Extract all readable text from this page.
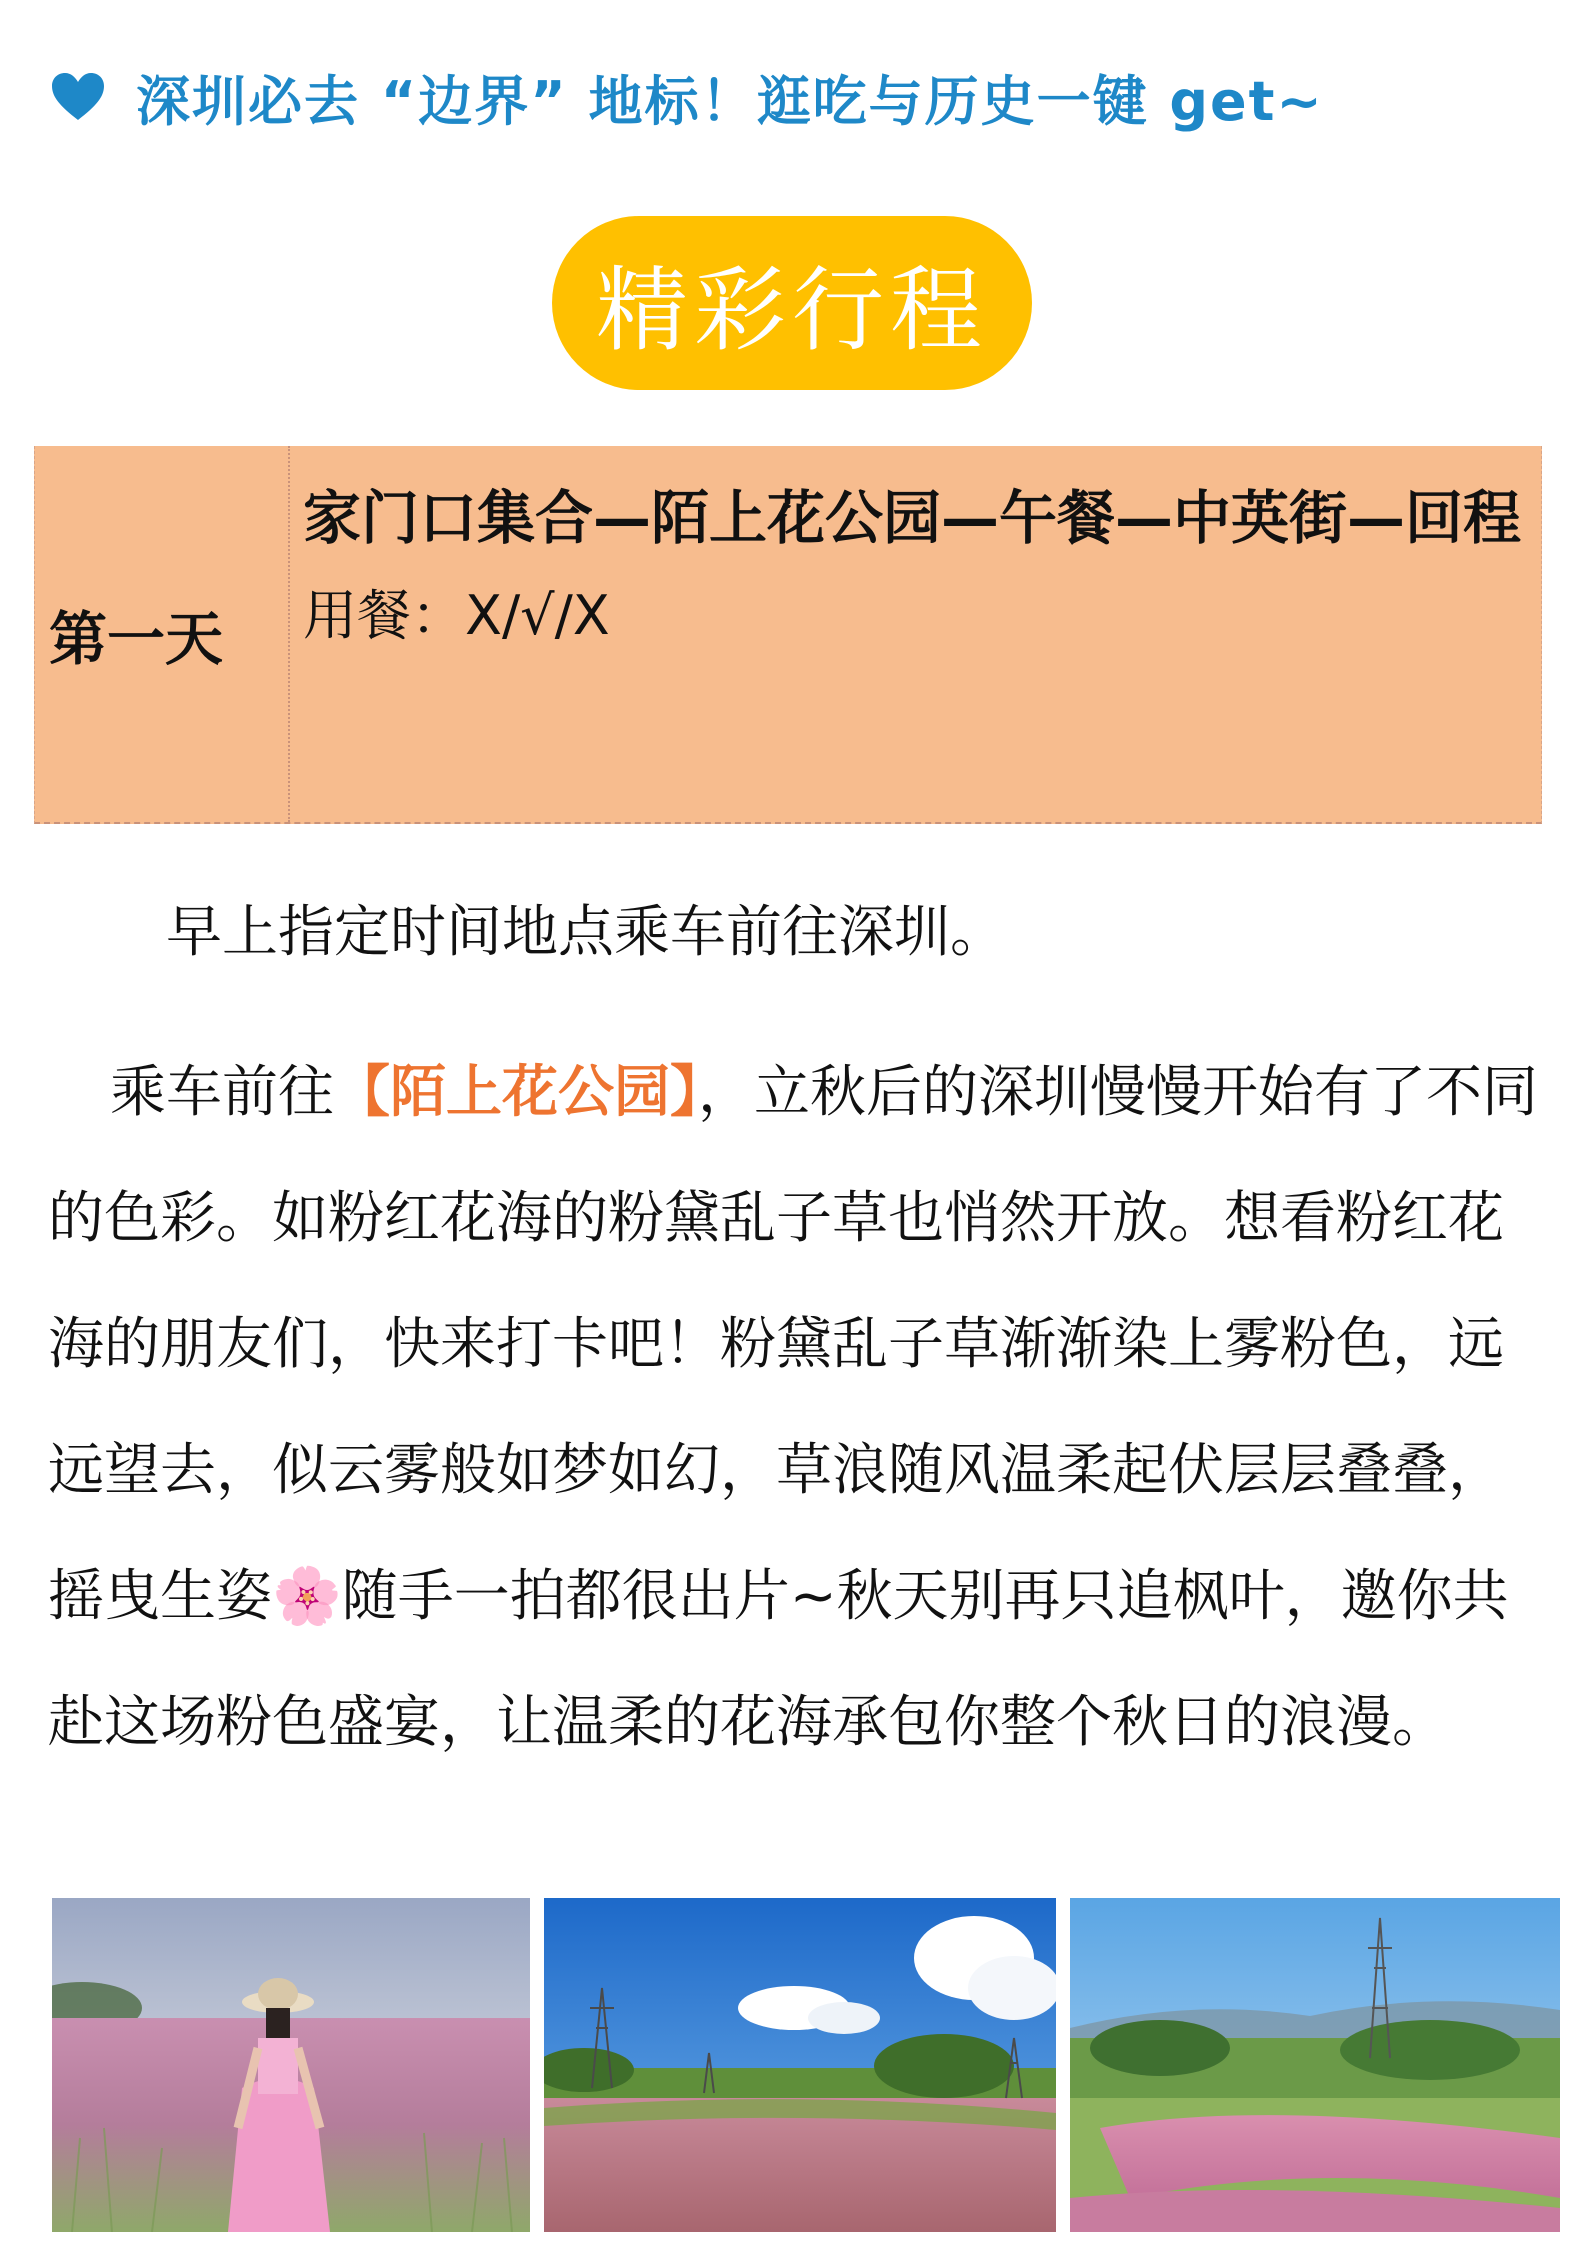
深圳必去 “边界” 地标！逛吃与历史一键 get~
精彩行程
第一天
家门口集合—陌上花公园—午餐—中英街—回程
用餐：X/√/X
早上指定时间地点乘车前往深圳。
乘车前往【陌上花公园】，立秋后的深圳慢慢开始有了不同的色彩。如粉红花海的粉黛乱子草也悄然开放。想看粉红花海的朋友们，快来打卡吧！粉黛乱子草渐渐染上雾粉色，远远望去，似云雾般如梦如幻，草浪随风温柔起伏层层叠叠，摇曳生姿🌸随手一拍都很出片~秋天别再只追枫叶，邀你共赴这场粉色盛宴，让温柔的花海承包你整个秋日的浪漫。
